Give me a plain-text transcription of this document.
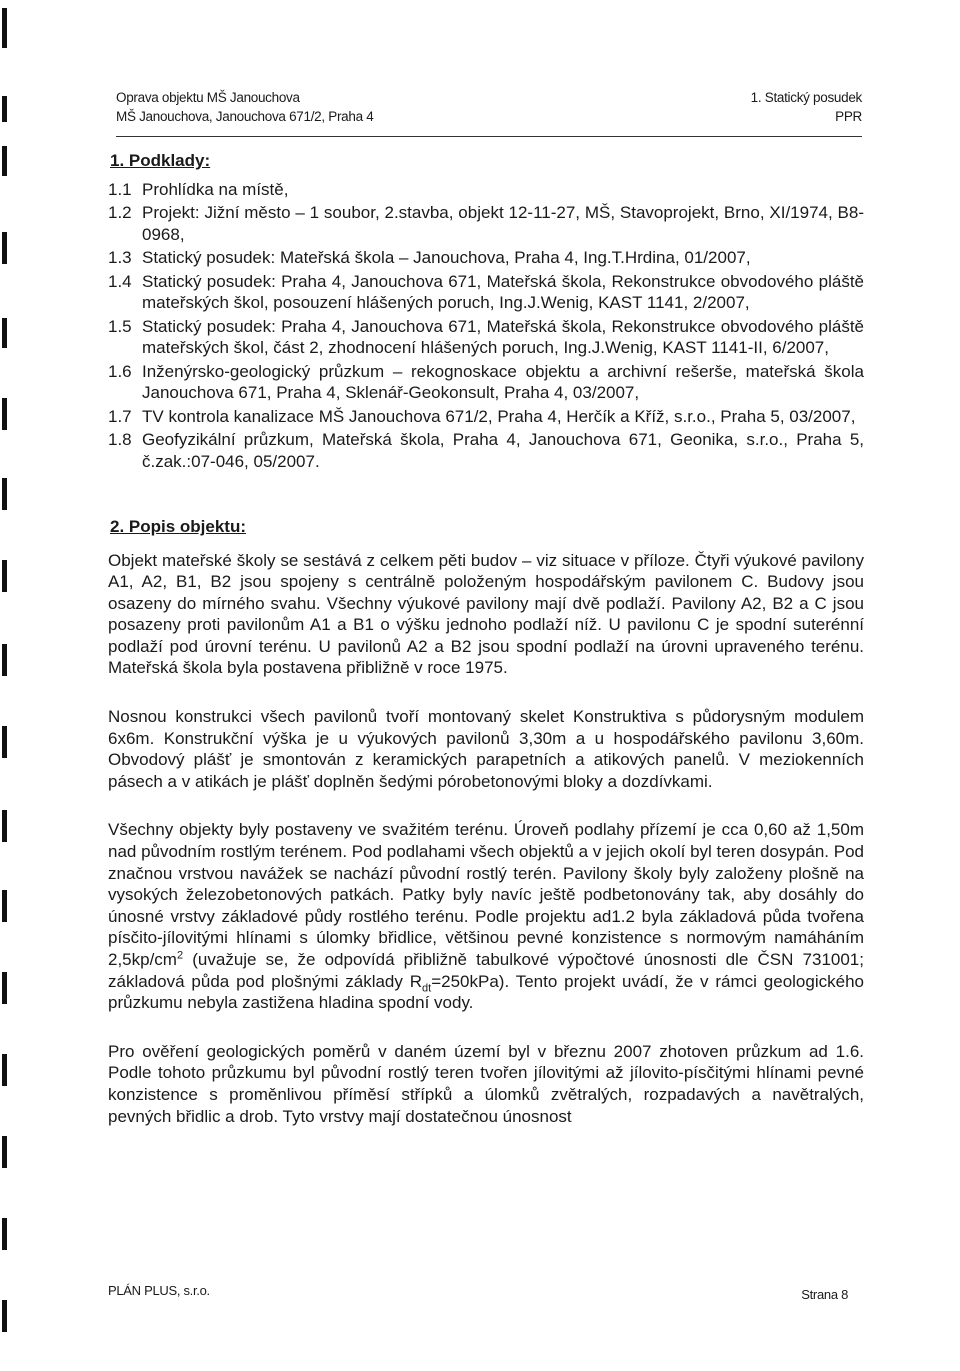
Oprava objektu MŠ Janouchova
MŠ Janouchova, Janouchova 671/2, Praha 4
1. Statický posudek
PPR
1. Podklady:
1.1 Prohlídka na místě,
1.2 Projekt: Jižní město – 1 soubor, 2.stavba, objekt 12-11-27, MŠ, Stavoprojekt, Brno, XI/1974, B8-0968,
1.3 Statický posudek: Mateřská škola – Janouchova, Praha 4, Ing.T.Hrdina, 01/2007,
1.4 Statický posudek: Praha 4, Janouchova 671, Mateřská škola, Rekonstrukce obvodového pláště mateřských škol, posouzení hlášených poruch, Ing.J.Wenig, KAST 1141, 2/2007,
1.5 Statický posudek: Praha 4, Janouchova 671, Mateřská škola, Rekonstrukce obvodového pláště mateřských škol, část 2, zhodnocení hlášených poruch, Ing.J.Wenig, KAST 1141-II, 6/2007,
1.6 Inženýrsko-geologický průzkum – rekognoskace objektu a archivní rešerše, mateřská škola Janouchova 671, Praha 4, Sklenář-Geokonsult, Praha 4, 03/2007,
1.7 TV kontrola kanalizace MŠ Janouchova 671/2, Praha 4, Herčík a Kříž, s.r.o., Praha 5, 03/2007,
1.8 Geofyzikální průzkum, Mateřská škola, Praha 4, Janouchova 671, Geonika, s.r.o., Praha 5, č.zak.:07-046, 05/2007.
2. Popis objektu:

Objekt mateřské školy se sestává z celkem pěti budov – viz situace v příloze. Čtyři výukové pavilony A1, A2, B1, B2 jsou spojeny s centrálně položeným hospodářským pavilonem C. Budovy jsou osazeny do mírného svahu. Všechny výukové pavilony mají dvě podlaží. Pavilony A2, B2 a C jsou posazeny proti pavilonům A1 a B1 o výšku jednoho podlaží níž. U pavilonu C je spodní suterénní podlaží pod úrovní terénu. U pavilonů A2 a B2 jsou spodní podlaží na úrovni upraveného terénu. Mateřská škola byla postavena přibližně v roce 1975.

Nosnou konstrukci všech pavilonů tvoří montovaný skelet Konstruktiva s půdorysným modulem 6x6m. Konstrukční výška je u výukových pavilonů 3,30m a u hospodářského pavilonu 3,60m. Obvodový plášť je smontován z keramických parapetních a atikových panelů. V meziokenních pásech a v atikách je plášť doplněn šedými pórobetonovými bloky a dozdívkami.

Všechny objekty byly postaveny ve svažitém terénu. Úroveň podlahy přízemí je cca 0,60 až 1,50m nad původním rostlým terénem. Pod podlahami všech objektů a v jejich okolí byl teren dosypán. Pod značnou vrstvou navážek se nachází původní rostlý terén. Pavilony školy byly založeny plošně na vysokých železobetonových patkách. Patky byly navíc ještě podbetonovány tak, aby dosáhly do únosné vrstvy základové půdy rostlého terénu. Podle projektu ad1.2 byla základová půda tvořena písčito-jílovitými hlínami s úlomky břidlice, většinou pevné konzistence s normovým namáháním $2,5kp/cm^2$ (uvažuje se, že odpovídá přibližně tabulkové výpočtové únosnosti dle ČSN 731001; základová půda pod plošnými základy $R_{dt}=250kPa$). Tento projekt uvádí, že v rámci geologického průzkumu nebyla zastižena hladina spodní vody.

Pro ověření geologických poměrů v daném území byl v březnu 2007 zhotoven průzkum ad 1.6. Podle tohoto průzkumu byl původní rostlý teren tvořen jílovitými až jílovito-písčitými hlínami pevné konzistence s proměnlivou příměsí střípků a úlomků zvětralých, rozpadavých a navětralých, pevných břidlic a drob. Tyto vrstvy mají dostatečnou únosnost

PLÁN PLUS, s.r.o.	Strana 8
